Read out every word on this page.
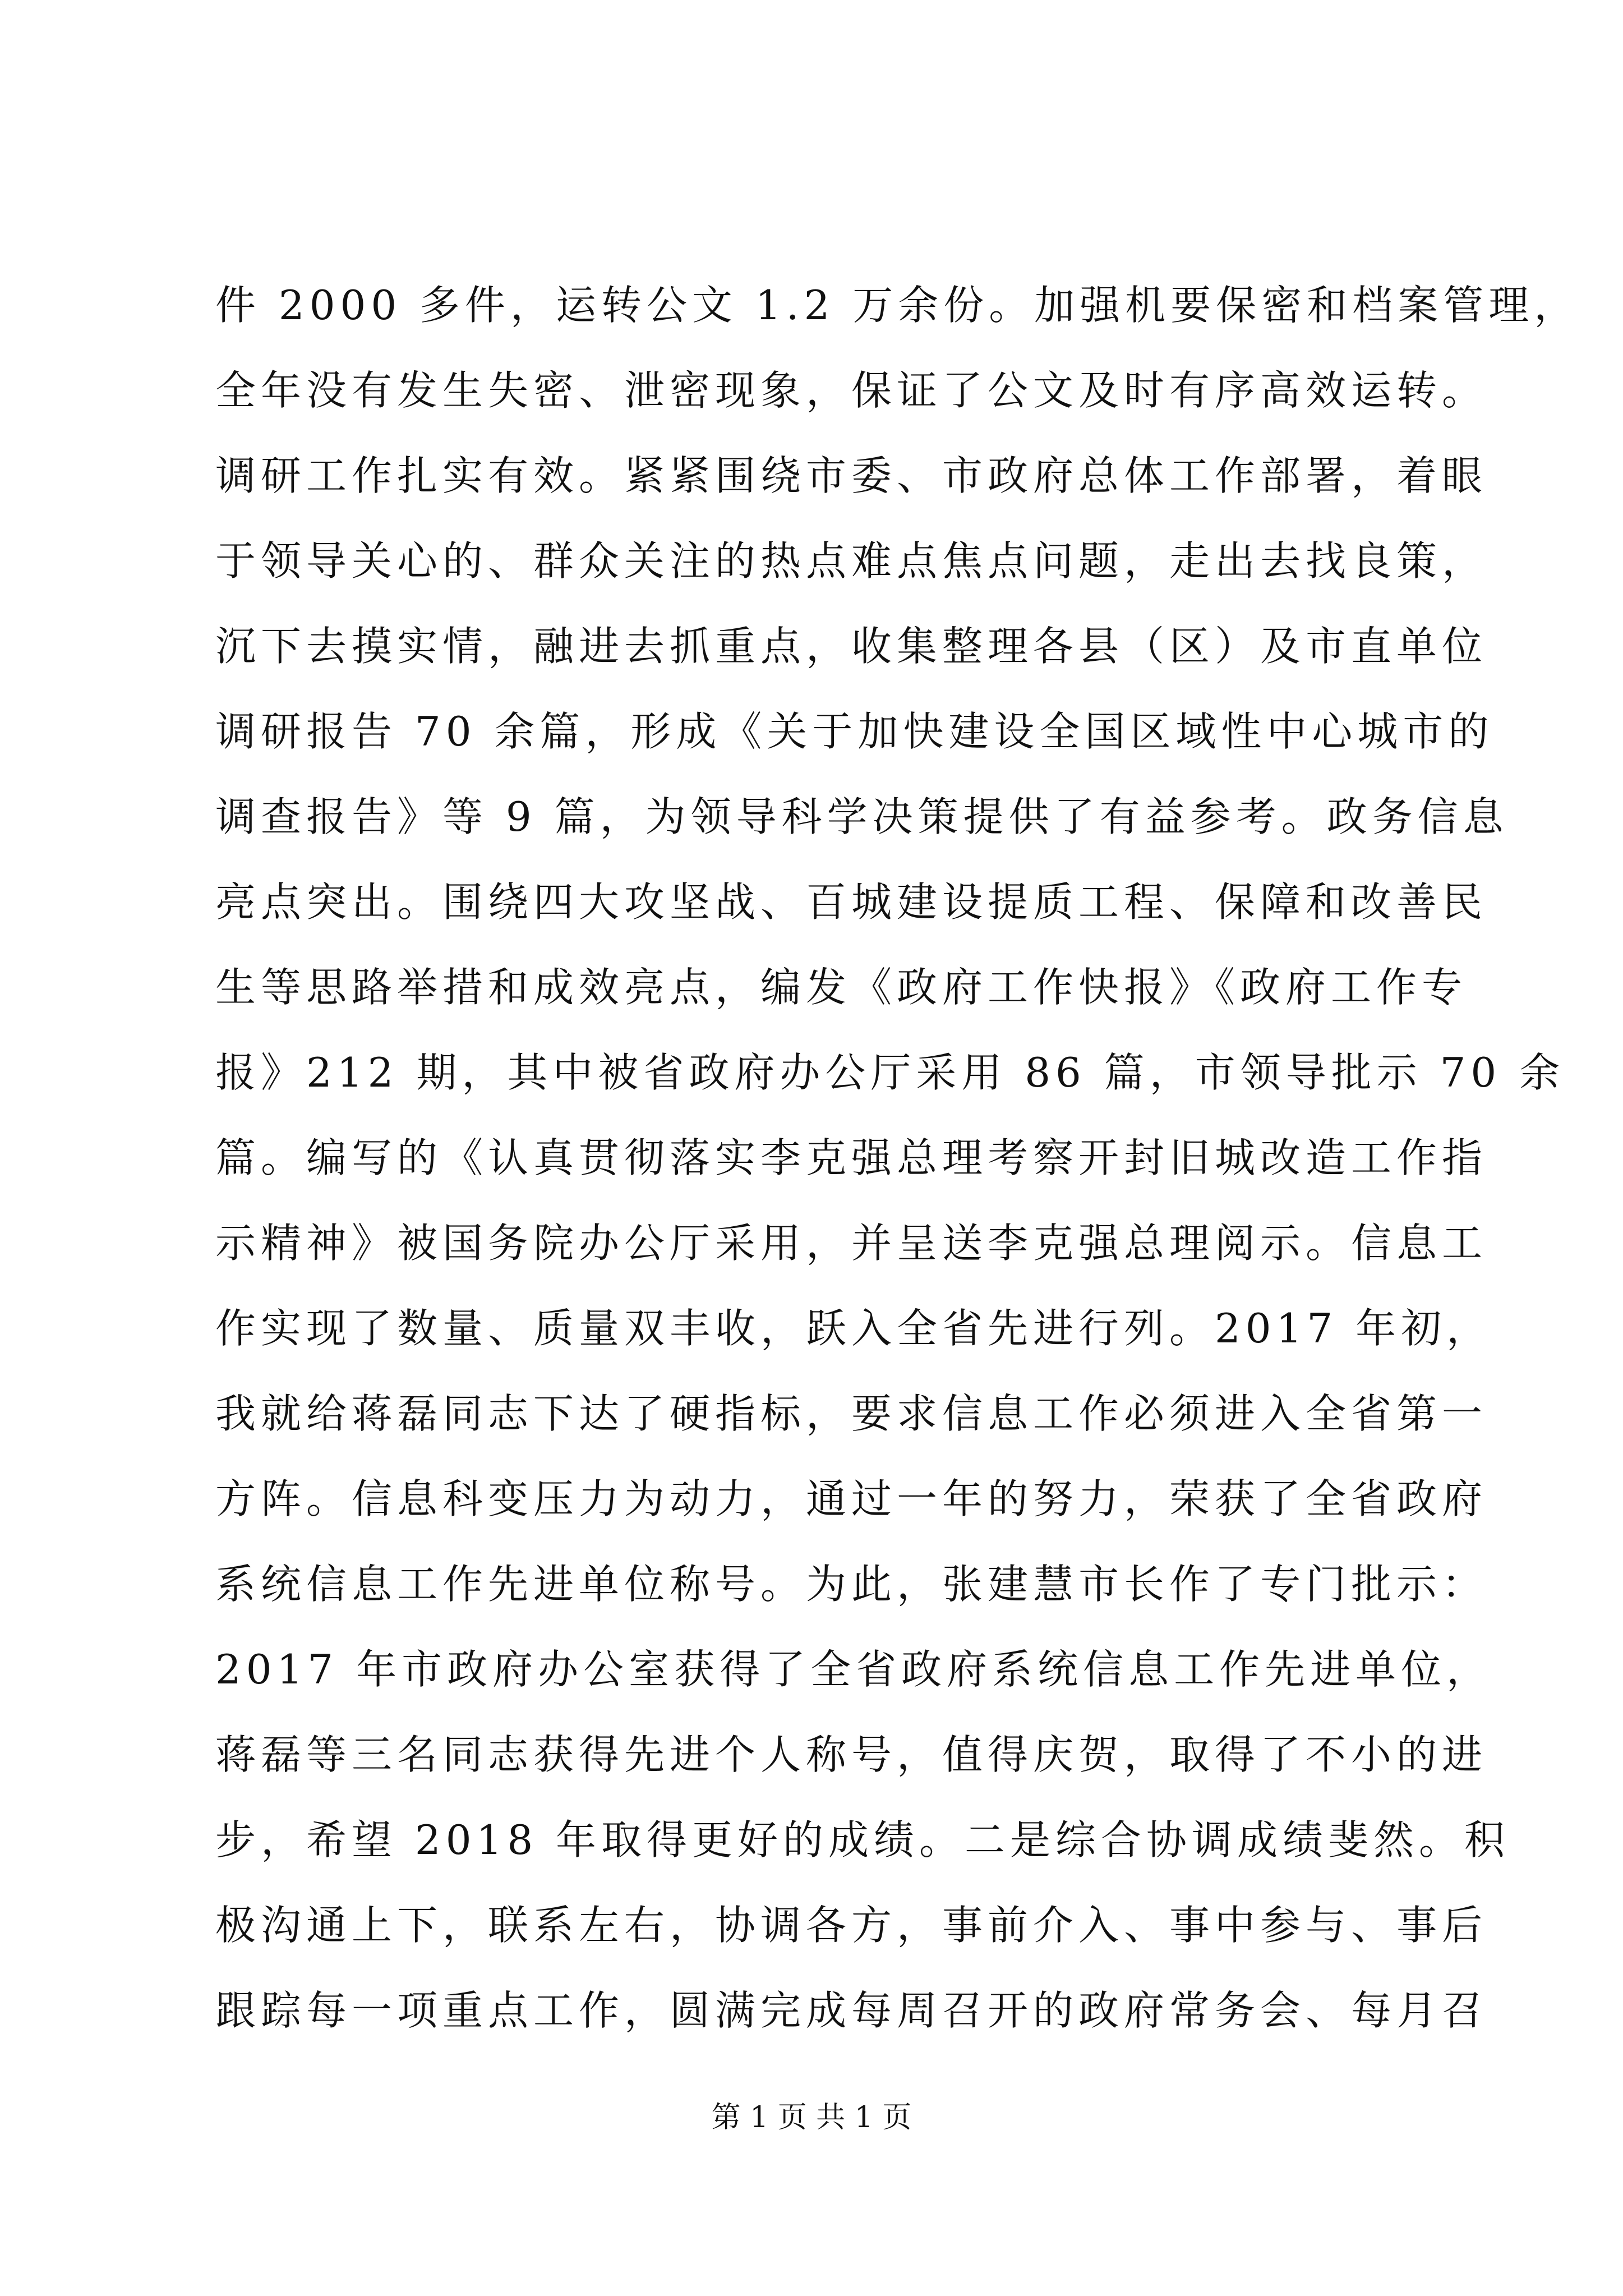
件 2000 多件，运转公文 1.2 万余份。加强机要保密和档案管理，
全年没有发生失密、泄密现象，保证了公文及时有序高效运转。
调研工作扎实有效。紧紧围绕市委、市政府总体工作部署，着眼
于领导关心的、群众关注的热点难点焦点问题，走出去找良策，
沉下去摸实情，融进去抓重点，收集整理各县（区）及市直单位
调研报告 70 余篇，形成《关于加快建设全国区域性中心城市的
调查报告》等 9 篇，为领导科学决策提供了有益参考。政务信息
亮点突出。围绕四大攻坚战、百城建设提质工程、保障和改善民
生等思路举措和成效亮点，编发《政府工作快报》《政府工作专
报》212 期，其中被省政府办公厅采用 86 篇，市领导批示 70 余
篇。编写的《认真贯彻落实李克强总理考察开封旧城改造工作指
示精神》被国务院办公厅采用，并呈送李克强总理阅示。信息工
作实现了数量、质量双丰收，跃入全省先进行列。2017 年初，
我就给蒋磊同志下达了硬指标，要求信息工作必须进入全省第一
方阵。信息科变压力为动力，通过一年的努力，荣获了全省政府
系统信息工作先进单位称号。为此，张建慧市长作了专门批示：
2017 年市政府办公室获得了全省政府系统信息工作先进单位，
蒋磊等三名同志获得先进个人称号，值得庆贺，取得了不小的进
步，希望 2018 年取得更好的成绩。二是综合协调成绩斐然。积
极沟通上下，联系左右，协调各方，事前介入、事中参与、事后
跟踪每一项重点工作，圆满完成每周召开的政府常务会、每月召
第 1 页 共 1 页
